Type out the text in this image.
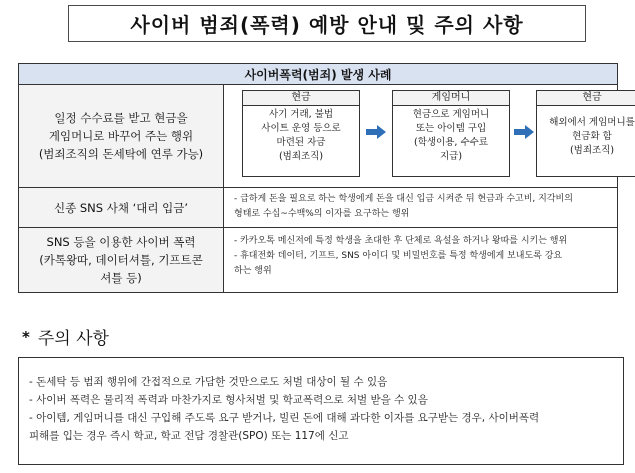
사이버 범죄(폭력) 예방 안내 및 주의 사항
사이버폭력(범죄) 발생 사례
일정 수수료를 받고 현금을
게임머니로 바꾸어 주는 행위
(범죄조직의 돈세탁에 연루 가능)
현금
사기 거래, 불법
사이트 운영 등으로
마련된 자금
(범죄조직)
게임머니
현금으로 게임머니
또는 아이템 구입
(학생이용, 수수료
지급)
현금
해외에서 게임머니를
현금화 함
(범죄조직)
신종 SNS 사채 ‘대리 입금’
- 급하게 돈을 필요로 하는 학생에게 돈을 대신 입금 시켜준 뒤 현금과 수고비, 지각비의
형태로 수십~수백%의 이자를 요구하는 행위
SNS 등을 이용한 사이버 폭력
(카톡왕따, 데이터셔틀, 기프트콘
셔틀 등)
- 카카오톡 메신저에 특정 학생을 초대한 후 단체로 욕설을 하거나 왕따를 시키는 행위
- 휴대전화 데이터, 기프트, SNS 아이디 및 비밀번호를 특정 학생에게 보내도록 강요
하는 행위
* 주의 사항
- 돈세탁 등 범죄 행위에 간접적으로 가담한 것만으로도 처벌 대상이 될 수 있음
- 사이버 폭력은 물리적 폭력과 마찬가지로 형사처벌 및 학교폭력으로 처벌 받을 수 있음
- 아이템, 게임머니를 대신 구입해 주도록 요구 받거나, 빌린 돈에 대해 과다한 이자를 요구받는 경우, 사이버폭력
피해를 입는 경우 즉시 학교, 학교 전담 경찰관(SPO) 또는 117에 신고
